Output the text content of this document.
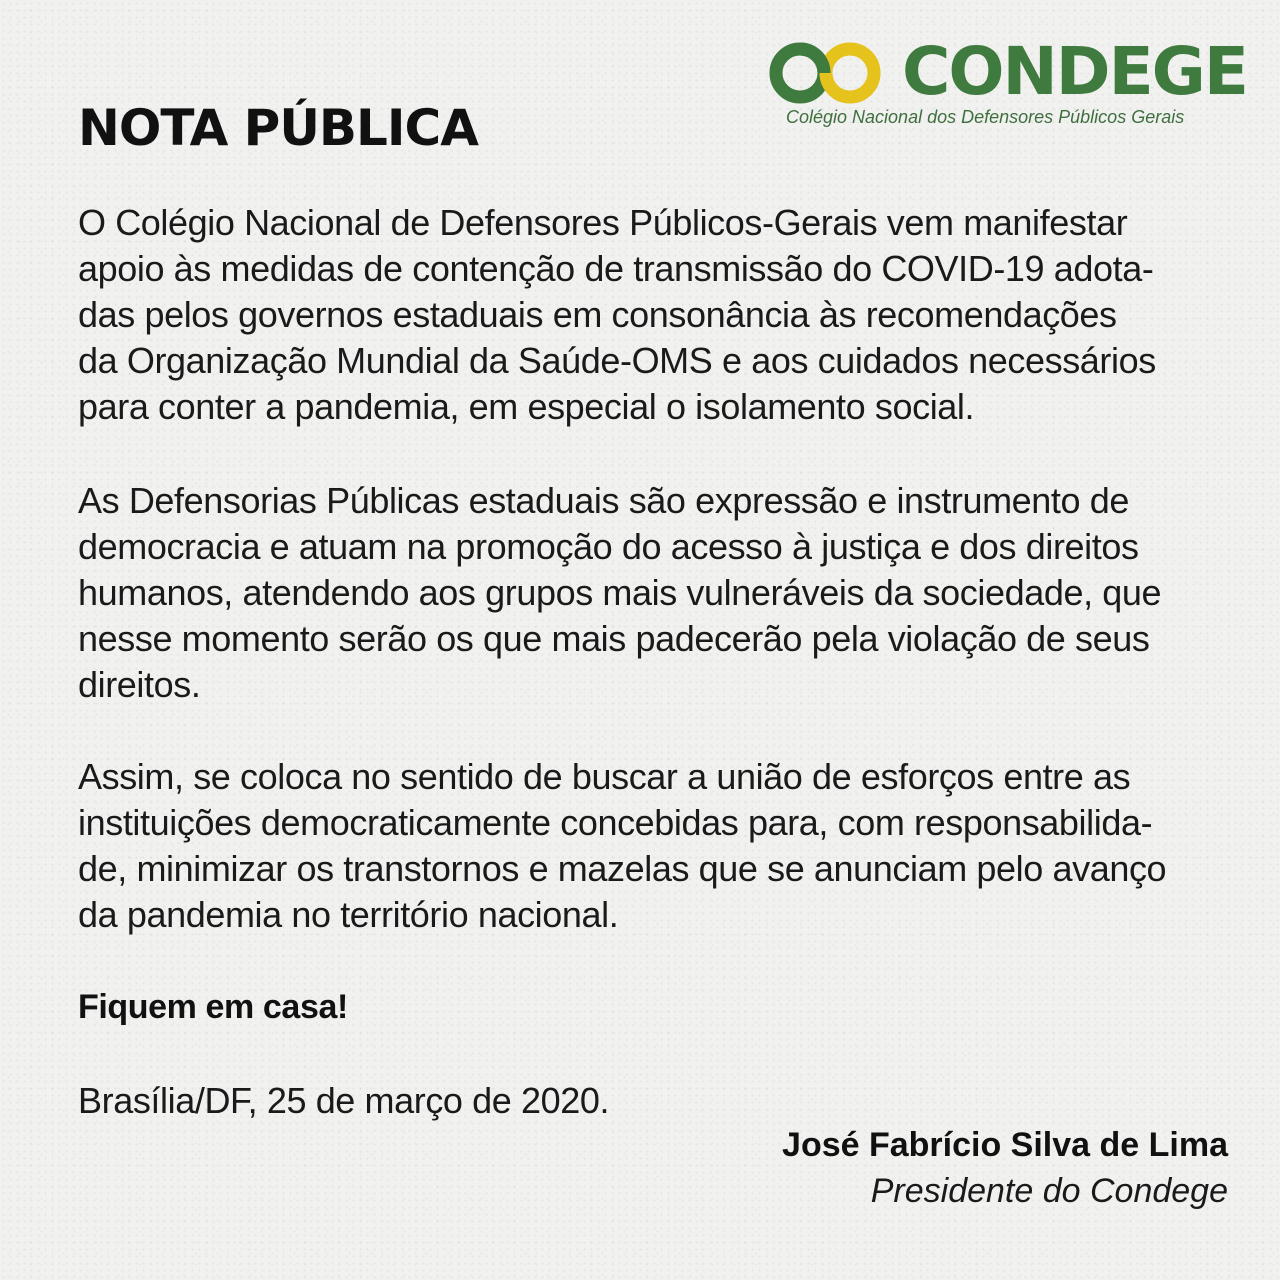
CONDEGE
Colégio Nacional dos Defensores Públicos Gerais
NOTA PÚBLICA

O Colégio Nacional de Defensores Públicos-Gerais vem manifestar
apoio às medidas de contenção de transmissão do COVID-19 adota-
das pelos governos estaduais em consonância às recomendações
da Organização Mundial da Saúde-OMS e aos cuidados necessários
para conter a pandemia, em especial o isolamento social.

As Defensorias Públicas estaduais são expressão e instrumento de
democracia e atuam na promoção do acesso à justiça e dos direitos
humanos, atendendo aos grupos mais vulneráveis da sociedade, que
nesse momento serão os que mais padecerão pela violação de seus
direitos.

Assim, se coloca no sentido de buscar a união de esforços entre as
instituições democraticamente concebidas para, com responsabilida-
de, minimizar os transtornos e mazelas que se anunciam pelo avanço
da pandemia no território nacional.

Fiquem em casa!

Brasília/DF, 25 de março de 2020.

José Fabrício Silva de Lima
Presidente do Condege
